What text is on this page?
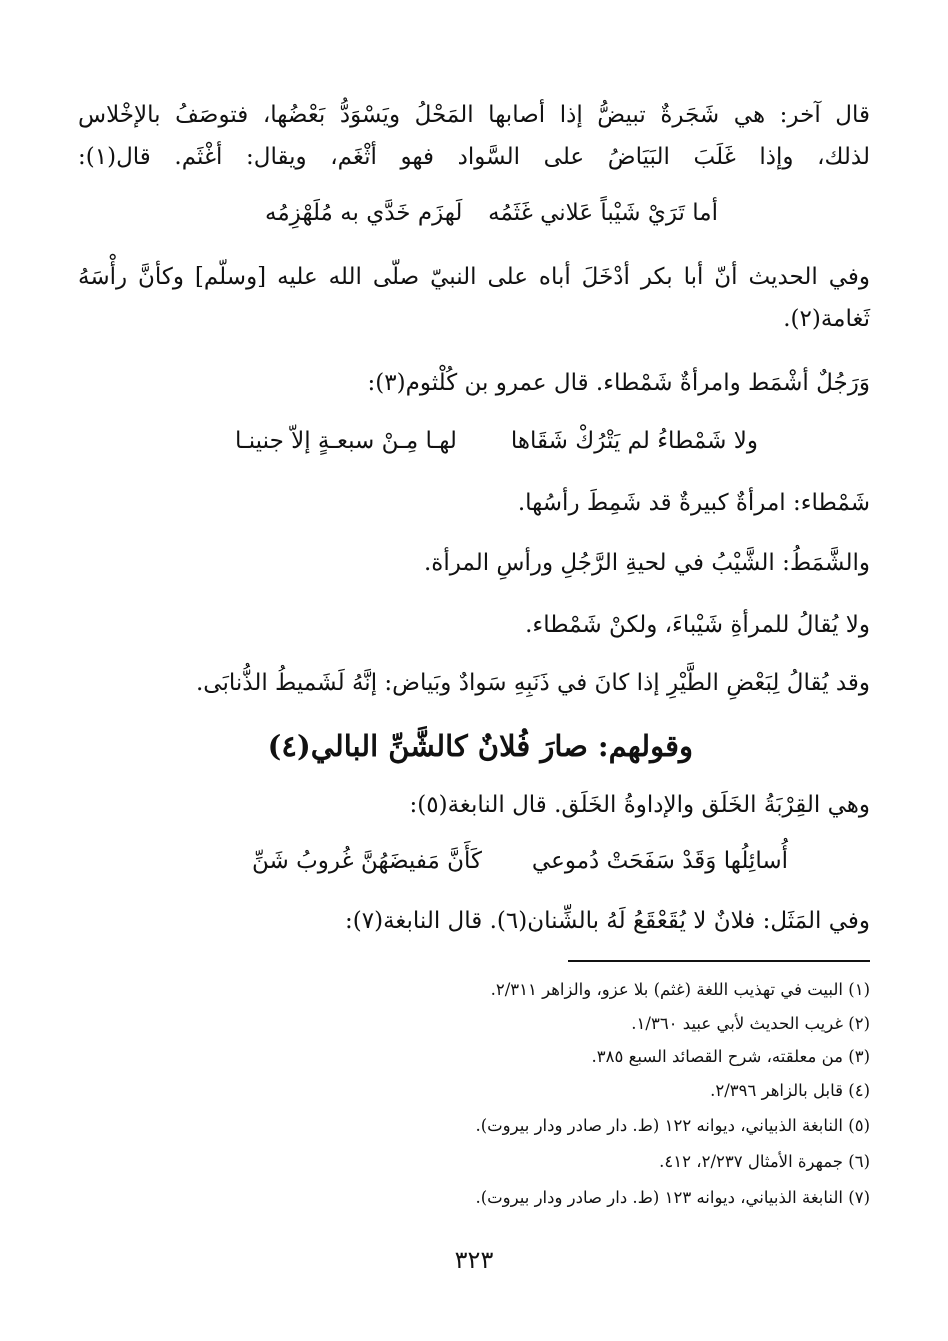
قال آخر: هي شَجَرةٌ تبيضُّ إذا أصابها المَحْلُ ويَسْوَدُّ بَعْضُها، فتوصَفُ بالإخْلاس
لذلك، وإذا غَلَبَ البَيَاضُ على السَّواد فهو أثْغَم، ويقال: أغْثَم. قال(١):
أما تَرَيْ شَيْباً عَلاني غَثَمُه
لَهزَم خَدَّي به مُلَهْزِمُه
وفي الحديث أنّ أبا بكر أدْخَلَ أباه على النبيّ صلّى الله عليه [وسلّم] وكأنَّ رأْسَهُ
ثَغامة(٢).
وَرَجُلٌ أشْمَط وامرأةٌ شَمْطاء. قال عمرو بن كُلْثوم(٣):
ولا شَمْطاءُ لم يَتْرُكْ شَقَاها
لهـا مِـنْ سبعـةٍ إلاّ جنينـا
شَمْطاء: امرأةٌ كبيرةٌ قد شَمِطَ رأسُها.
والشَّمَطُ: الشَّيْبُ في لحيةِ الرَّجُلِ ورأسِ المرأة.
ولا يُقالُ للمرأةِ شَيْباءَ، ولكنْ شَمْطاء.
وقد يُقالُ لِبَعْضِ الطَّيْرِ إذا كانَ في ذَنَبِهِ سَوادٌ وبَياض: إنَّهُ لَشَميطُ الذُّنابَى.
وقولهم: صارَ فُلانٌ كالشَّنِّ البالي(٤)
وهي القِرْبَةُ الخَلَق والإداوةُ الخَلَق. قال النابغة(٥):
أُسائِلُها وَقَدْ سَفَحَتْ دُموعي
كَأَنَّ مَفيضَهُنَّ غُروبُ شَنِّ
وفي المَثَل: فلانٌ لا يُقَعْقَعُ لَهُ بالشِّنان(٦). قال النابغة(٧):
(١) البيت في تهذيب اللغة (غثم) بلا عزو، والزاهر ٢/٣١١.
(٢) غريب الحديث لأبي عبيد ١/٣٦٠.
(٣) من معلقته، شرح القصائد السبع ٣٨٥.
(٤) قابل بالزاهر ٢/٣٩٦.
(٥) النابغة الذبياني، ديوانه ١٢٢ (ط. دار صادر ودار بيروت).
(٦) جمهرة الأمثال ٢/٢٣٧، ٤١٢.
(٧) النابغة الذبياني، ديوانه ١٢٣ (ط. دار صادر ودار بيروت).
٣٢٣
